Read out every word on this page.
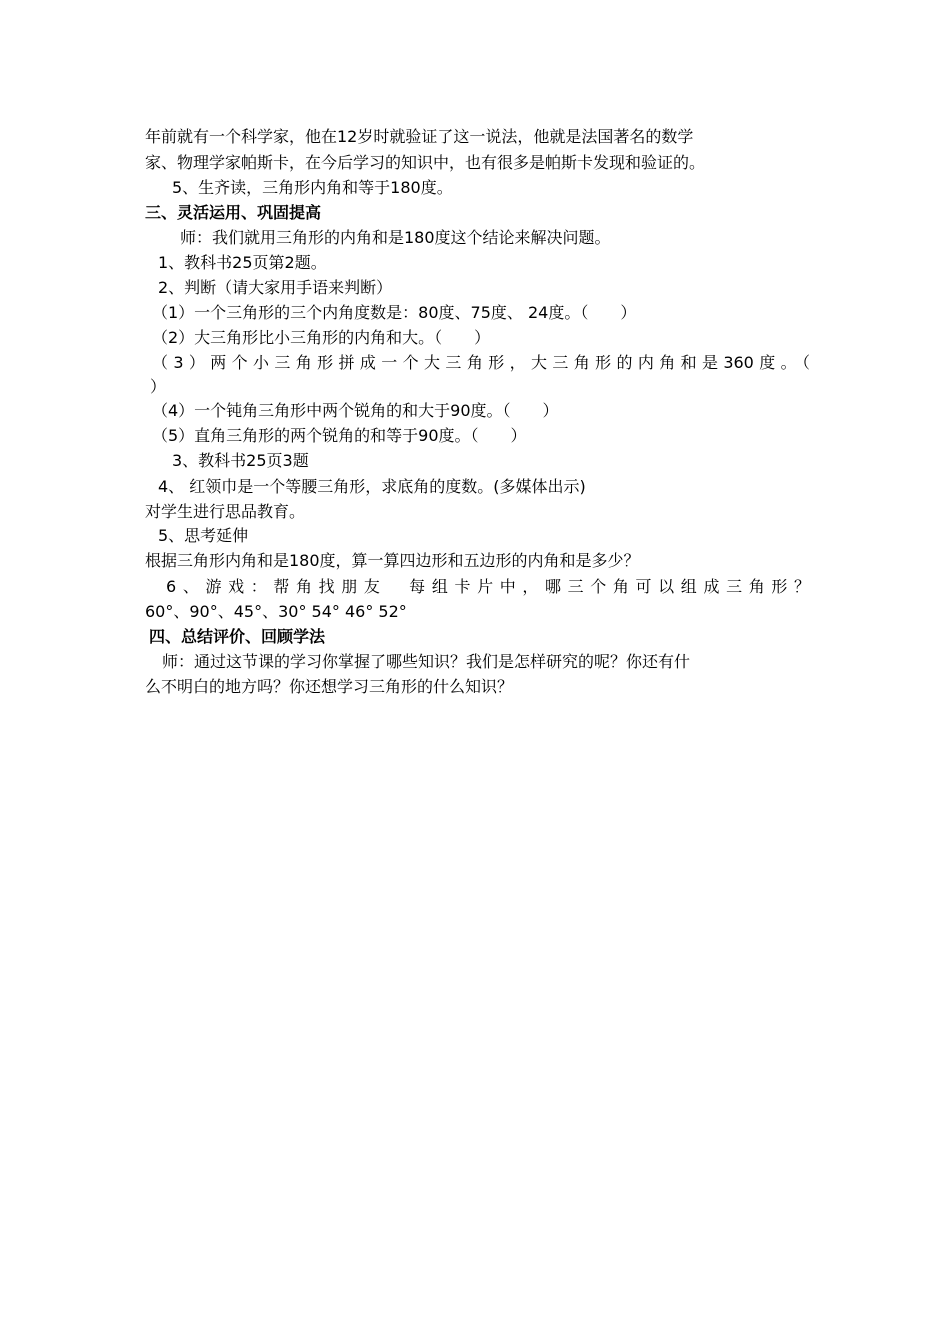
年前就有一个科学家，他在12岁时就验证了这一说法，他就是法国著名的数学
家、物理学家帕斯卡，在今后学习的知识中，也有很多是帕斯卡发现和验证的。
5、生齐读，三角形内角和等于180度。
三、灵活运用、巩固提高
师：我们就用三角形的内角和是180度这个结论来解决问题。
1、教科书25页第2题。
2、判断（请大家用手语来判断）
（1）一个三角形的三个内角度数是：80度、75度、 24度。（　　）
（2）大三角形比小三角形的内角和大。（　　）
（3）两个小三角形拼成一个大三角形，大三角形的内角和是360度。（
）
（4）一个钝角三角形中两个锐角的和大于90度。（　　）
（5）直角三角形的两个锐角的和等于90度。（　　）
3、教科书25页3题
4、 红领巾是一个等腰三角形，求底角的度数。(多媒体出示)
对学生进行思品教育。
5、思考延伸
根据三角形内角和是180度，算一算四边形和五边形的内角和是多少？
6、游戏：帮角找朋友　每组卡片中，哪三个角可以组成三角形？
60°、90°、45°、30° 54° 46° 52°
四、总结评价、回顾学法
师：通过这节课的学习你掌握了哪些知识？我们是怎样研究的呢？你还有什
么不明白的地方吗？你还想学习三角形的什么知识？
